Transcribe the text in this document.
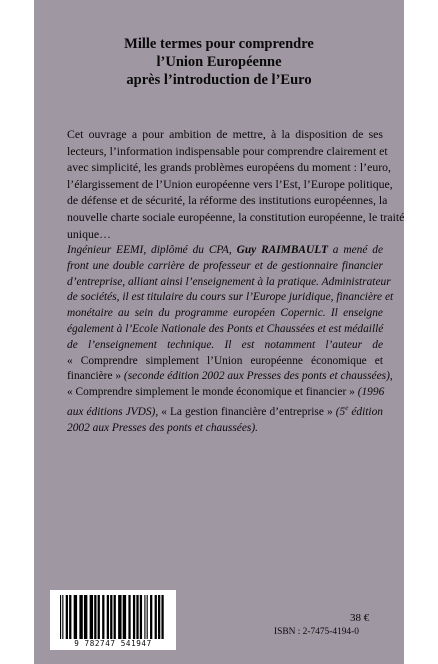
Mille termes pour comprendre
l’Union Européenne
après l’introduction de l’Euro
Cet ouvrage a pour ambition de mettre, à la disposition de ses
lecteurs, l’information indispensable pour comprendre clairement et
avec simplicité, les grands problèmes européens du moment : l’euro,
l’élargissement de l’Union européenne vers l’Est, l’Europe politique,
de défense et de sécurité, la réforme des institutions européennes, la
nouvelle charte sociale européenne, la constitution européenne, le traité
unique…
Ingénieur EEMI, diplômé du CPA, Guy RAIMBAULT a mené de
front une double carrière de professeur et de gestionnaire financier
d’entreprise, alliant ainsi l’enseignement à la pratique. Administrateur
de sociétés, il est titulaire du cours sur l’Europe juridique, financière et
monétaire au sein du programme européen Copernic. Il enseigne
également à l’Ecole Nationale des Ponts et Chaussées et est médaillé
de l’enseignement technique. Il est notamment l’auteur de
« Comprendre simplement l’Union européenne économique et
financière » (seconde édition 2002 aux Presses des ponts et chaussées),
« Comprendre simplement le monde économique et financier » (1996
aux éditions JVDS), « La gestion financière d’entreprise » (5e édition
2002 aux Presses des ponts et chaussées).
9 782747 541947
38 €
ISBN : 2-7475-4194-0
